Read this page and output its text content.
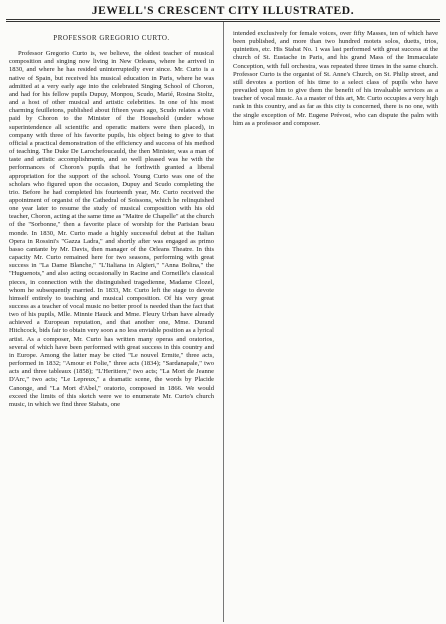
JEWELL'S CRESCENT CITY ILLUSTRATED.
PROFESSOR GREGORIO CURTO.

Professor Gregorio Curto is, we believe, the oldest teacher of musical composition and singing now living in New Orleans, where he arrived in 1830, and where he has resided uninterruptedly ever since. Mr. Curto is a native of Spain, but received his musical education in Paris, where he was admitted at a very early age into the celebrated Singing School of Choron, and had for his fellow pupils Dupuy, Monpou, Scudo, Marié, Rosina Stoltz, and a host of other musical and artistic celebrities. In one of his most charming feuilletons, published about fifteen years ago, Scudo relates a visit paid by Choron to the Minister of the Household (under whose superintendence all scientific and operatic matters were then placed), in company with three of his favorite pupils, his object being to give to that official a practical demonstration of the efficiency and success of his method of teaching. The Duke De Larochefoucauld, the then Minister, was a man of taste and artistic accomplishments, and so well pleased was he with the performances of Choron's pupils that he forthwith granted a liberal appropriation for the support of the school. Young Curto was one of the scholars who figured upon the occasion, Dupuy and Scudo completing the trio. Before he had completed his fourteenth year, Mr. Curto received the appointment of organist of the Cathedral of Soissons, which he relinquished one year later to resume the study of musical composition with his old teacher, Choron, acting at the same time as "Maitre de Chapelle" at the church of the "Sorbonne," then a favorite place of worship for the Parisian beau monde. In 1830, Mr. Curto made a highly successful debut at the Italian Opera in Rossini's "Gazza Ladra," and shortly after was engaged as primo basso cantante by Mr. Davis, then manager of the Orleans Theatre. In this capacity Mr. Curto remained here for two seasons, performing with great success in "La Dame Blanche," "L'Italiana in Algieri," "Anna Bolina," the "Huguenots," and also acting occasionally in Racine and Corneille's classical pieces, in connection with the distinguished tragedienne, Madame Clozel, whom he subsequently married. In 1833, Mr. Curto left the stage to devote himself entirely to teaching and musical composition. Of his very great success as a teacher of vocal music no better proof is needed than the fact that two of his pupils, Mlle. Minnie Hauck and Mme. Fleury Urban have already achieved a European reputation, and that another one, Mme. Durand Hitchcock, bids fair to obtain very soon a no less enviable position as a lyrical artist. As a composer, Mr. Curto has written many operas and oratorios, several of which have been performed with great success in this country and in Europe. Among the latter may be cited "Le nouvel Ermite," three acts, performed in 1832; "Amour et Folie," three acts (1834); "Sardanapale," two acts and three tableaux (1858); "L'Heritiere," two acts; "La Mort de Jeanne D'Arc," two acts; "Le Lepreux," a dramatic scene, the words by Placide Canonge, and "La Mort d'Abel," oratorio, composed in 1866. We would exceed the limits of this sketch were we to enumerate Mr. Curto's church music, in which we find three Stabats, one

intended exclusively for female voices, over fifty Masses, ten of which have been published, and more than two hundred motets solos, duetts, trios, quintettes, etc. His Stabat No. 1 was last performed with great success at the church of St. Eustache in Paris, and his grand Mass of the Immaculate Conception, with full orchestra, was repeated three times in the same church. Professor Curto is the organist of St. Anne's Church, on St. Philip street, and still devotes a portion of his time to a select class of pupils who have prevailed upon him to give them the benefit of his invaluable services as a teacher of vocal music. As a master of this art, Mr. Curto occupies a very high rank in this country, and as far as this city is concerned, there is no one, with the single exception of Mr. Eugene Prévost, who can dispute the palm with him as a professor and composer.
